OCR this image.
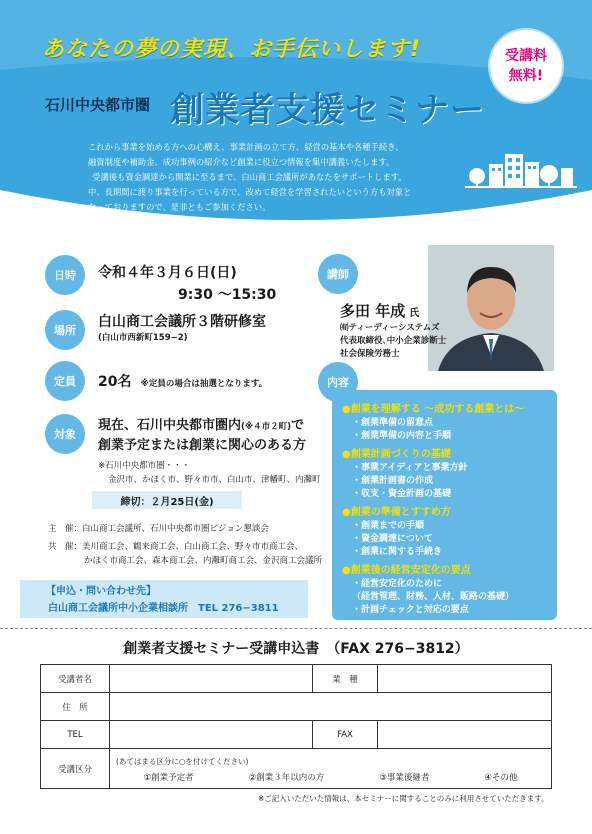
あなたの夢の実現、お手伝いします!
石川中央都市圏 創業者支援セミナー
受講料
無料!

これから事業を始める方への心構え、事業計画の立て方、経営の基本や各種手続き、

融資制度や補助金、成功事例の紹介など創業に役立つ情報を集中講義いたします。

受講後も資金調達から開業に至るまで、白山商工会議所があなたをサポートします。

中、長期間に渡り事業を行っている方で、改めて経営を学習されたいという方も対象と

なっておりますので、是非ともご参加ください。

日時	令和４年３月６日(日)
9:30 〜15:30
場所
白山商工会議所３階研修室
(白山市西新町159−2)
定員	20名 ※定員の場合は抽選となります。
対象
現在、石川中央都市圏内(※４市２町)で
創業予定または創業に関心のある方
※石川中央都市圏・・・
金沢市、かほく市、野々市市、白山市、津幡町、内灘町
締切：２月25日(金)
主　催：白山商工会議所、石川中央都市圏ビジョン懇談会
共　催：美川商工会、鶴来商工会、白山商工会、野々市市商工会、
かほく市商工会、森本商工会、内灘町商工会、金沢商工会議所
【申込・問い合わせ先】
白山商工会議所中小企業相談所　TEL 276−3811
講師
多田 年成 氏
㈲ティーディーシステムズ
代表取締役､中小企業診断士
社会保険労務士
内容
●創業を理解する 〜成功する創業とは〜
・創業準備の留意点
・創業準備の内容と手順
●創業計画づくりの基礎
・事業アイディアと事業方針
・創業計画書の作成
・収支・資金計画の基礎
●創業の準備とすすめ方
・創業までの手順
・資金調達について
・創業に関する手続き
●創業後の経営安定化の要点
・経営安定化のために
（経営管理、財務、人材、販路の基礎）
・計画チェックと対応の要点
創業者支援セミナー受講申込書　（FAX 276−3812）
受講者名		業　種	
住　所			
TEL		FAX	
受講区分	(あてはまる区分に○を付けてください)
①創業予定者 ②創業３年以内の方 ③事業後継者 ④その他		
※ご記入いただいた情報は、本セミナーに関することのみに利用させていただきます。
